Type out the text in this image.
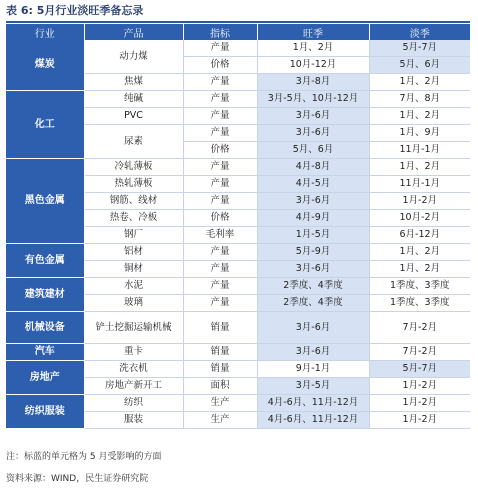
表 6: 5月行业淡旺季备忘录
行业	产品	指标	旺季	淡季
煤炭	动力煤	产量	1月、2月	5月-7月
		价格	10月-12月	5月、6月
	焦煤	产量	3月-8月	1月、2月
化工	纯碱	产量	3月-5月、10月-12月	7月、8月
	PVC	产量	3月-6月	1月、2月
	尿素	产量	3月-6月	1月、9月
		价格	5月、6月	11月-1月
黑色金属	冷轧薄板	产量	4月-8月	1月、2月
	热轧薄板	产量	4月-5月	11月-1月
	钢筋、线材	产量	3月-6月	1月-2月
	热卷、冷板	价格	4月-9月	10月-2月
	钢厂	毛利率	1月-5月	6月-12月
有色金属	铝材	产量	5月-9月	1月、2月
	铜材	产量	3月-6月	1月、2月
建筑建材	水泥	产量	2季度、4季度	1季度、3季度
	玻璃	产量	2季度、4季度	1季度、3季度
机械设备	铲土挖掘运输机械	销量	3月-6月	7月-2月
汽车	重卡	销量	3月-6月	7月-2月
房地产	洗衣机	销量	9月-1月	5月-7月
	房地产新开工	面积	3月-5月	1月-2月
纺织服装	纺织	生产	4月-6月、11月-12月	1月-2月
	服装	生产	4月-6月、11月-12月	1月-2月
注：标蓝的单元格为 5 月受影响的方面
资料来源：WIND，民生证券研究院
